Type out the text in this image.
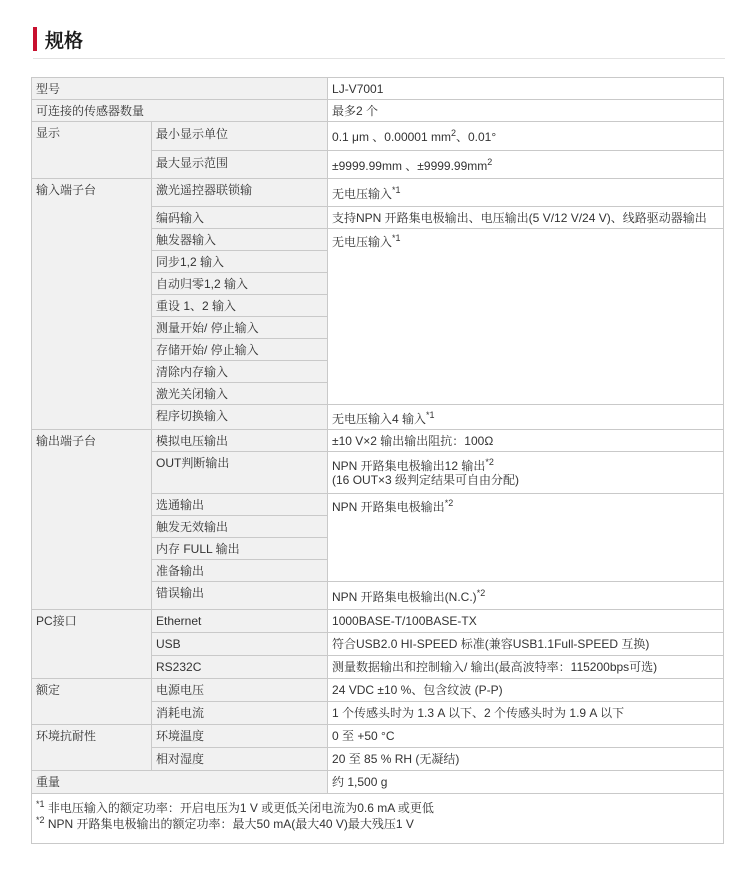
规格
型号		LJ-V7001
可连接的传感器数量		最多2 个
显示	最小显示单位	0.1 μm 、0.00001 $mm^2$、0.01°
	最大显示范围	±9999.99mm 、$\pm 9999.99mm^2$
输入端子台	激光遥控器联锁输	无电压输入$^{*1}$
	编码输入	支持NPN 开路集电极输出、电压输出(5 V/12 V/24 V)、线路驱动器输出
	触发器输入	无电压输入$^{*1}$
	同步1,2 输入	
	自动归零1,2 输入	
	重设 1、2 输入	
	测量开始/ 停止输入	
	存储开始/ 停止输入	
	清除内存输入	
	激光关闭输入	
	程序切换输入	无电压输入4 输入$^{*1}$
输出端子台	模拟电压输出	±10 V×2 输出输出阻抗：100Ω
	OUT判断输出	NPN 开路集电极输出12 输出$^{*2}$
(16 OUT×3 级判定结果可自由分配)

	选通输出	NPN 开路集电极输出$^{*2}$
	触发无效输出	
	内存 FULL 输出	
	准备输出	
	错误输出	NPN 开路集电极输出$(N.C.)^{*2}$
PC接口	Ethernet	1000BASE-T/100BASE-TX
	USB	符合USB2.0 HI-SPEED 标准(兼容USB1.1Full-SPEED 互换)
	RS232C	测量数据输出和控制输入/ 输出(最高波特率：115200bps可选)
额定	电源电压	24 VDC ±10 %、包含纹波 (P-P)
	消耗电流	1 个传感头时为 1.3 A 以下、2 个传感头时为 1.9 A 以下
环境抗耐性	环境温度	0 至 +50 °C
	相对湿度	20 至 85 % RH (无凝结)
重量		约 1,500 g

$^{*1}$ 非电压输入的额定功率：开启电压为1 V 或更低关闭电流为0.6 mA 或更低
$^{*2}$ NPN 开路集电极输出的额定功率：最大50 mA(最大40 V)最大残压1 V		
